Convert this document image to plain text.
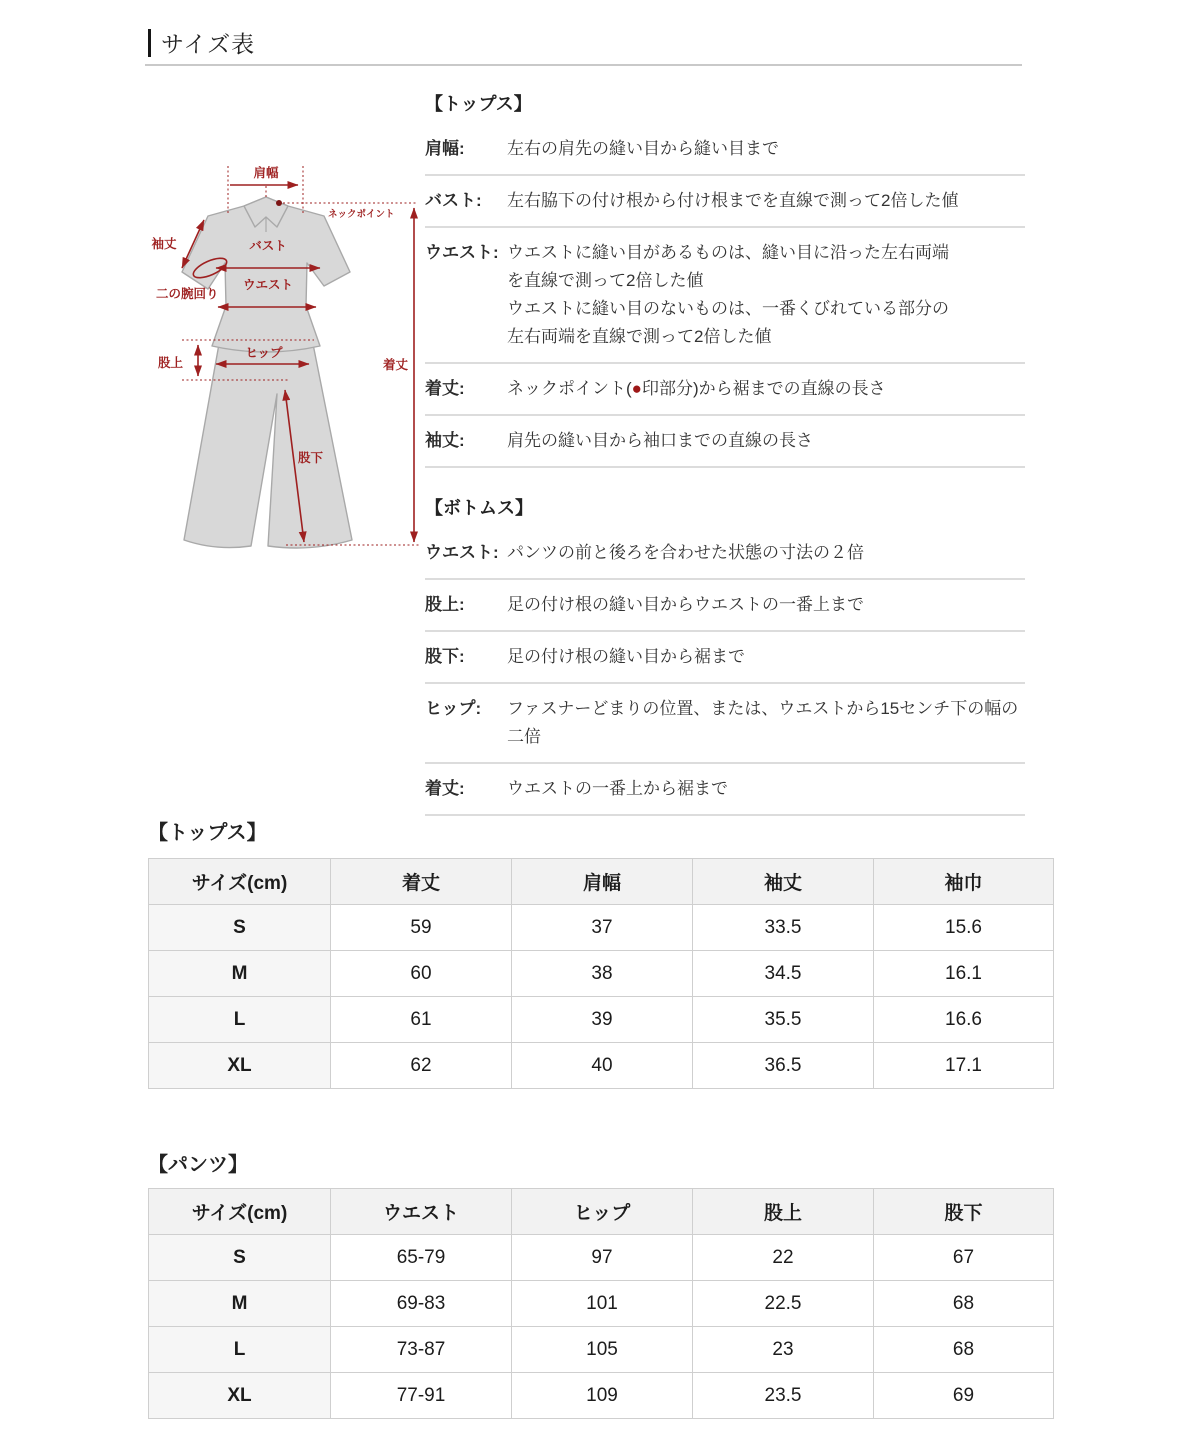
サイズ表
肩幅
ネックポイント
袖丈	バスト
ウエスト
二の腕回り
股上
ヒップ
着丈
股下
【トップス】
肩幅:	左右の肩先の縫い目から縫い目まで
バスト:	左右脇下の付け根から付け根までを直線で測って2倍した値
ウエスト: ウエストに縫い目があるものは、縫い目に沿った左右両端
を直線で測って2倍した値
ウエストに縫い目のないものは、一番くびれている部分の
左右両端を直線で測って2倍した値
着丈:	ネックポイント(●印部分)から裾までの直線の長さ
袖丈:	肩先の縫い目から袖口までの直線の長さ
【ボトムス】
ウエスト: パンツの前と後ろを合わせた状態の寸法の２倍
股上:	足の付け根の縫い目からウエストの一番上まで
股下:	足の付け根の縫い目から裾まで
ヒップ:	ファスナーどまりの位置、または、ウエストから15センチ下の幅の
二倍
着丈:	ウエストの一番上から裾まで
【トップス】
サイズ(cm)	着丈	肩幅	袖丈	袖巾
S	59	37	33.5	15.6
M	60	38	34.5	16.1
L	61	39	35.5	16.6
XL	62	40	36.5	17.1
【パンツ】
サイズ(cm)	ウエスト	ヒップ	股上	股下
S	65-79	97	22	67
M	69-83	101	22.5	68
L	73-87	105	23	68
XL	77-91	109	23.5	69
